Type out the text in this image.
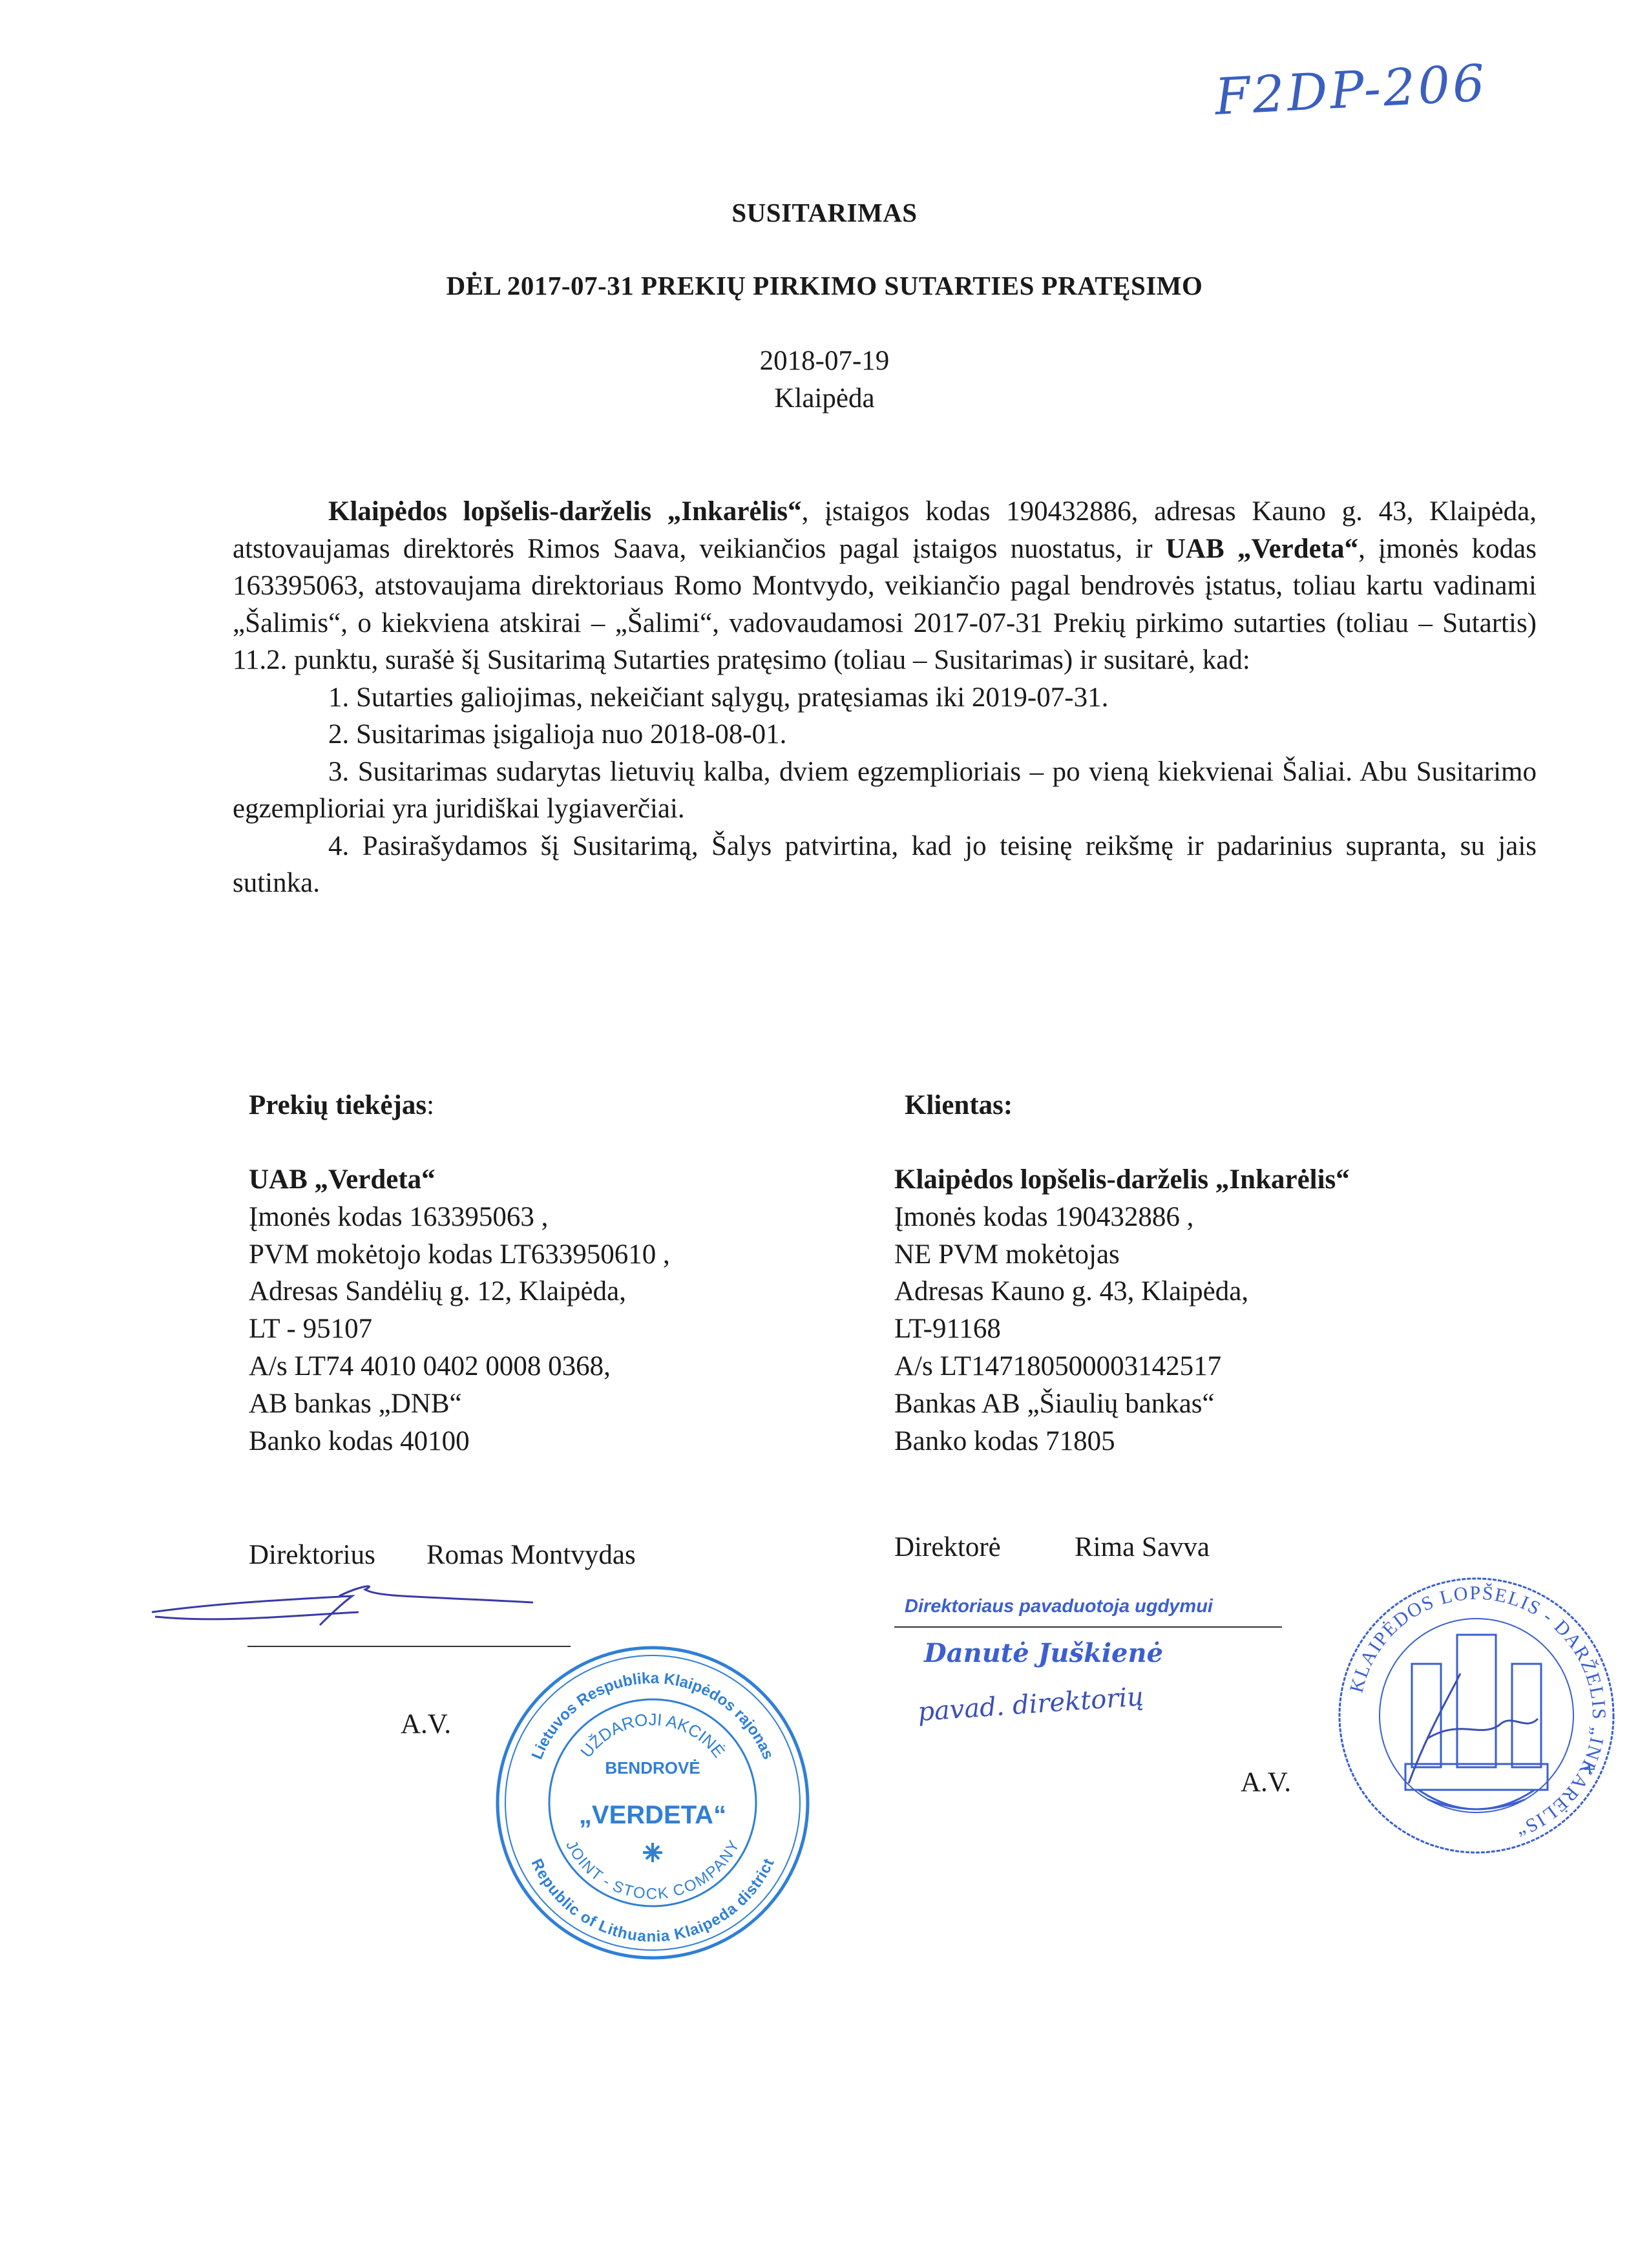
F2DP-206
SUSITARIMAS
DĖL 2017-07-31 PREKIŲ PIRKIMO SUTARTIES PRATĘSIMO
2018-07-19
Klaipėda

Klaipėdos lopšelis-darželis „Inkarėlis“, įstaigos kodas 190432886, adresas Kauno g. 43, Klaipėda, atstovaujamas direktorės Rimos Saava, veikiančios pagal įstaigos nuostatus, ir UAB „Verdeta“, įmonės kodas 163395063, atstovaujama direktoriaus Romo Montvydo, veikiančio pagal bendrovės įstatus, toliau kartu vadinami „Šalimis“, o kiekviena atskirai – „Šalimi“, vadovaudamosi 2017-07-31 Prekių pirkimo sutarties (toliau – Sutartis) 11.2. punktu, surašė šį Susitarimą Sutarties pratęsimo (toliau – Susitarimas) ir susitarė, kad:

1. Sutarties galiojimas, nekeičiant sąlygų, pratęsiamas iki 2019-07-31.

2. Susitarimas įsigalioja nuo 2018-08-01.

3. Susitarimas sudarytas lietuvių kalba, dviem egzemplioriais – po vieną kiekvienai Šaliai. Abu Susitarimo egzemplioriai yra juridiškai lygiaverčiai.

4. Pasirašydamos šį Susitarimą, Šalys patvirtina, kad jo teisinę reikšmę ir padarinius supranta, su jais sutinka.

Prekių tiekėjas:
UAB „Verdeta“
Įmonės kodas 163395063 ,
PVM mokėtojo kodas LT633950610 ,
Adresas Sandėlių g. 12, Klaipėda,
LT - 95107
A/s LT74 4010 0402 0008 0368,
AB bankas „DNB“
Banko kodas 40100
Direktorius Romas Montvydas
A.V.
Klientas:
Klaipėdos lopšelis-darželis „Inkarėlis“
Įmonės kodas 190432886 ,
NE PVM mokėtojas
Adresas Kauno g. 43, Klaipėda,
LT-91168
A/s LT147180500003142517
Bankas AB „Šiaulių bankas“
Banko kodas 71805
Direktorė	Rima Savva
Direktoriaus pavaduotoja ugdymui
Danutė Juškienė
pavad. direktorių
A.V.
Lietuvos Respublika Klaipėdos rajonas
Republic of Lithuania Klaipeda district
UŽDAROJI AKCINĖ
JOINT - STOCK COMPANY
BENDROVĖ
„VERDETA“
KLAIPĖDOS LOPŠELIS - DARŽELIS „INKARĖLIS“
